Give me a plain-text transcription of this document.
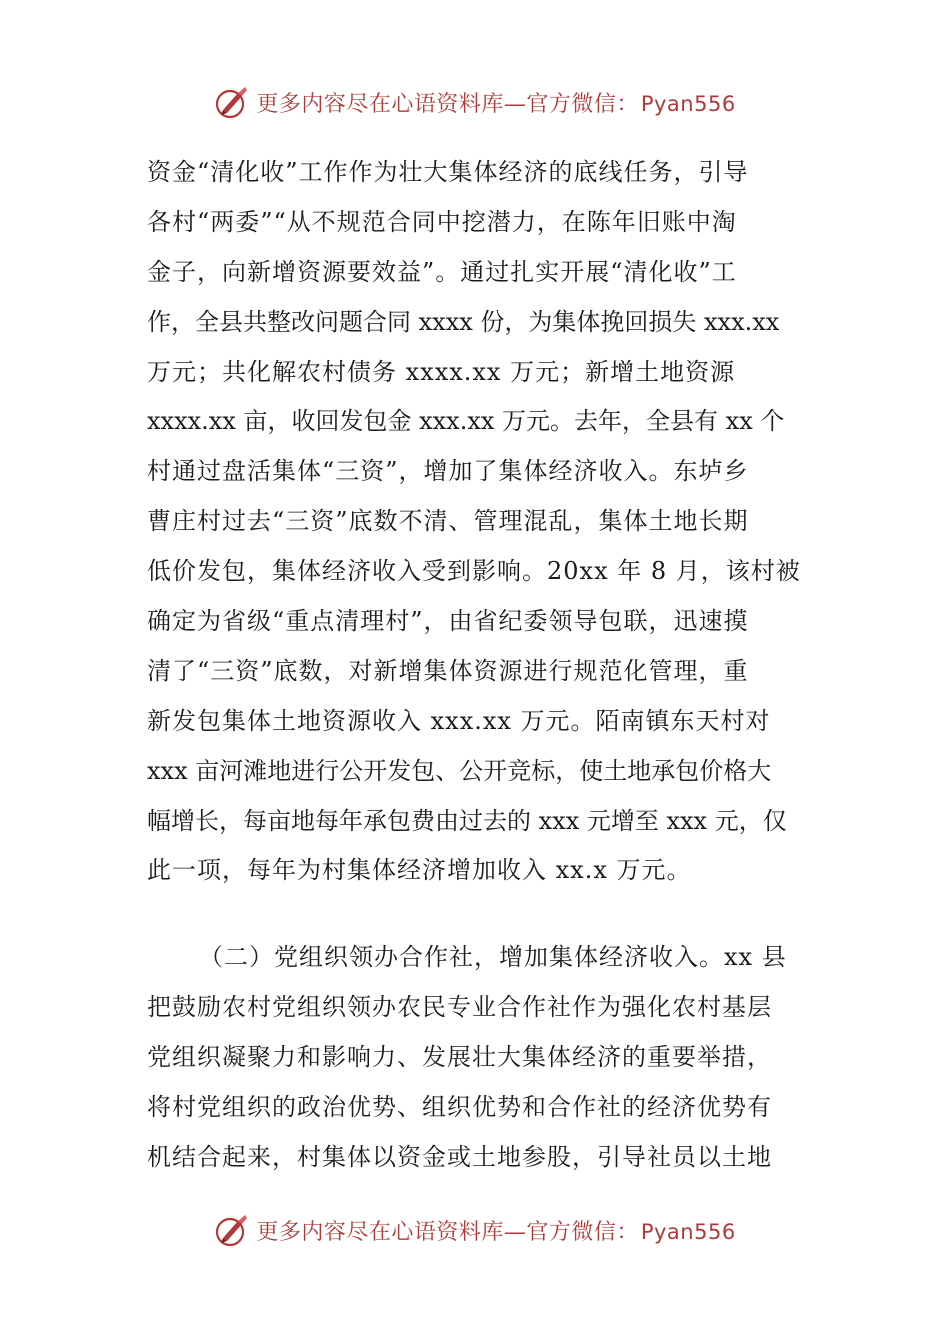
更多内容尽在心语资料库—官方微信：Pyan556
资金“清化收”工作作为壮大集体经济的底线任务，引导
各村“两委”“从不规范合同中挖潜力，在陈年旧账中淘
金子，向新增资源要效益”。通过扎实开展“清化收”工
作，全县共整改问题合同 xxxx 份，为集体挽回损失 xxx.xx
万元；共化解农村债务 xxxx.xx 万元；新增土地资源
xxxx.xx 亩，收回发包金 xxx.xx 万元。去年，全县有 xx 个
村通过盘活集体“三资”，增加了集体经济收入。东垆乡
曹庄村过去“三资”底数不清、管理混乱，集体土地长期
低价发包，集体经济收入受到影响。20xx 年 8 月，该村被
确定为省级“重点清理村”，由省纪委领导包联，迅速摸
清了“三资”底数，对新增集体资源进行规范化管理，重
新发包集体土地资源收入 xxx.xx 万元。陌南镇东天村对
xxx 亩河滩地进行公开发包、公开竞标，使土地承包价格大
幅增长，每亩地每年承包费由过去的 xxx 元增至 xxx 元，仅
此一项，每年为村集体经济增加收入 xx.x 万元。
（二）党组织领办合作社，增加集体经济收入。xx 县
把鼓励农村党组织领办农民专业合作社作为强化农村基层
党组织凝聚力和影响力、发展壮大集体经济的重要举措，
将村党组织的政治优势、组织优势和合作社的经济优势有
机结合起来，村集体以资金或土地参股，引导社员以土地
更多内容尽在心语资料库—官方微信：Pyan556
